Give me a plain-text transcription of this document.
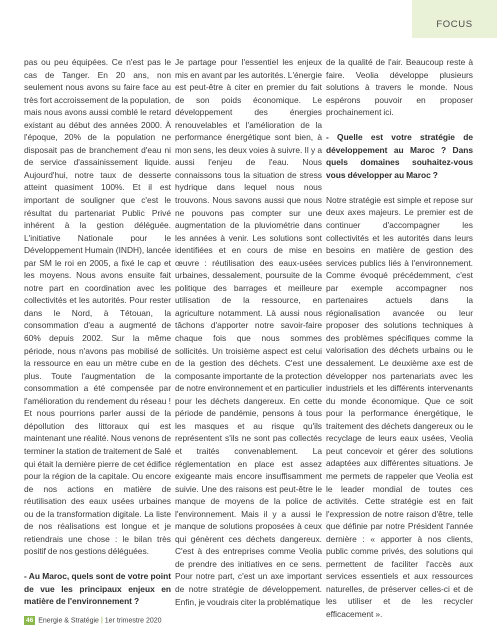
FOCUS

pas ou peu équipées. Ce n'est pas le cas de Tanger. En 20 ans, non seulement nous avons su faire face au très fort accroissement de la population, mais nous avons aussi comblé le retard existant au début des années 2000. À l'époque, 20% de la population ne disposait pas de branchement d'eau ni de service d'assainissement liquide. Aujourd'hui, notre taux de desserte atteint quasiment 100%. Et il est important de souligner que c'est le résultat du partenariat Public Privé inhérent à la gestion déléguée. L'initiative Nationale pour le Développement Humain (INDH), lancée par SM le roi en 2005, a fixé le cap et les moyens. Nous avons ensuite fait notre part en coordination avec les collectivités et les autorités. Pour rester dans le Nord, à Tétouan, la consommation d'eau a augmenté de 60% depuis 2002. Sur la même période, nous n'avons pas mobilisé de la ressource en eau un mètre cube en plus. Toute l'augmentation de la consommation a été compensée par l'amélioration du rendement du réseau ! Et nous pourrions parler aussi de la dépollution des littoraux qui est maintenant une réalité. Nous venons de terminer la station de traitement de Salé qui était la dernière pierre de cet édifice pour la région de la capitale. Ou encore de nos actions en matière de réutilisation des eaux usées urbaines ou de la transformation digitale. La liste de nos réalisations est longue et je retiendrais une chose : le bilan très positif de nos gestions déléguées.

- Au Maroc, quels sont de votre point de vue les principaux enjeux en matière de l'environnement ?

Je partage pour l'essentiel les enjeux mis en avant par les autorités. L'énergie est peut-être à citer en premier du fait de son poids économique. Le développement des énergies renouvelables et l'amélioration de la performance énergétique sont bien, à mon sens, les deux voies à suivre. Il y a aussi l'enjeu de l'eau. Nous connaissons tous la situation de stress hydrique dans lequel nous nous trouvons. Nous savons aussi que nous ne pouvons pas compter sur une augmentation de la pluviométrie dans les années à venir. Les solutions sont identifiées et en cours de mise en œuvre : réutilisation des eaux-usées urbaines, dessalement, poursuite de la politique des barrages et meilleure utilisation de la ressource, en agriculture notamment. Là aussi nous tâchons d'apporter notre savoir-faire chaque fois que nous sommes sollicités. Un troisième aspect est celui de la gestion des déchets. C'est une composante importante de la protection de notre environnement et en particulier pour les déchets dangereux. En cette période de pandémie, pensons à tous les masques et au risque qu'ils représentent s'ils ne sont pas collectés et traités convenablement. La réglementation en place est assez exigeante mais encore insuffisamment suivie. Une des raisons est peut-être le manque de moyens de la police de l'environnement. Mais il y a aussi le manque de solutions proposées à ceux qui génèrent ces déchets dangereux. C'est à des entreprises comme Veolia de prendre des initiatives en ce sens. Pour notre part, c'est un axe important de notre stratégie de développement. Enfin, je voudrais citer la problématique

de la qualité de l'air. Beaucoup reste à faire. Veolia développe plusieurs solutions à travers le monde. Nous espérons pouvoir en proposer prochainement ici.

- Quelle est votre stratégie de développement au Maroc ? Dans quels domaines souhaitez-vous vous développer au Maroc ?

Notre stratégie est simple et repose sur deux axes majeurs. Le premier est de continuer d'accompagner les collectivités et les autorités dans leurs besoins en matière de gestion des services publics liés à l'environnement. Comme évoqué précédemment, c'est par exemple accompagner nos partenaires actuels dans la régionalisation avancée ou leur proposer des solutions techniques à des problèmes spécifiques comme la valorisation des déchets urbains ou le dessalement. Le deuxième axe est de développer nos partenariats avec les industriels et les différents intervenants du monde économique. Que ce soit pour la performance énergétique, le traitement des déchets dangereux ou le recyclage de leurs eaux usées, Veolia peut concevoir et gérer des solutions adaptées aux différentes situations. Je me permets de rappeler que Veolia est le leader mondial de toutes ces activités. Cette stratégie est en fait l'expression de notre raison d'être, telle que définie par notre Président l'année dernière : « apporter à nos clients, public comme privés, des solutions qui permettent de faciliter l'accès aux services essentiels et aux ressources naturelles, de préserver celles-ci et de les utiliser et de les recycler efficacement ».

46 Energie & Stratégie | 1er trimestre 2020
